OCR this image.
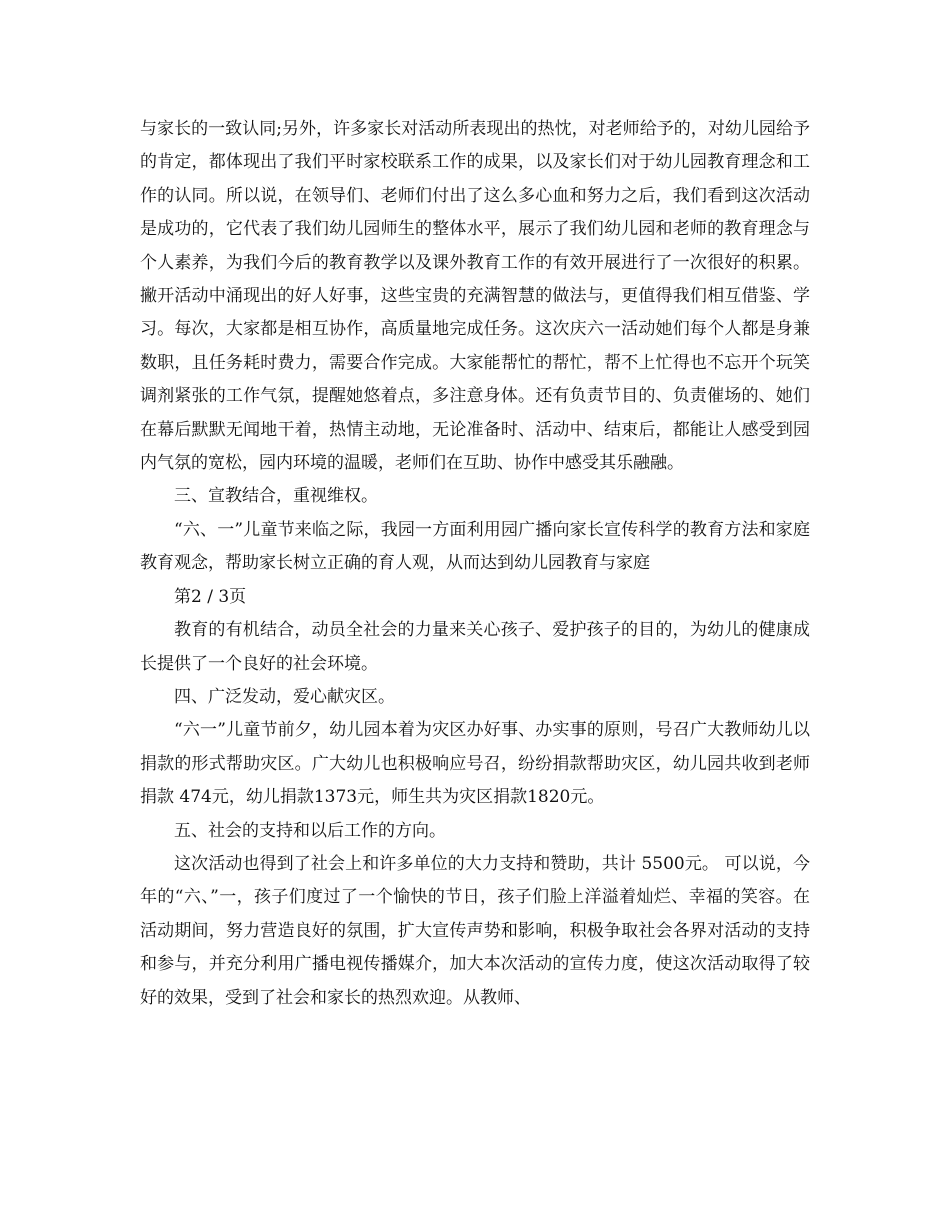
与家长的一致认同;另外，许多家长对活动所表现出的热忱，对老师给予的，对幼儿园给予的肯定，都体现出了我们平时家校联系工作的成果，以及家长们对于幼儿园教育理念和工作的认同。所以说，在领导们、老师们付出了这么多心血和努力之后，我们看到这次活动是成功的，它代表了我们幼儿园师生的整体水平，展示了我们幼儿园和老师的教育理念与个人素养，为我们今后的教育教学以及课外教育工作的有效开展进行了一次很好的积累。撇开活动中涌现出的好人好事，这些宝贵的充满智慧的做法与，更值得我们相互借鉴、学习。每次，大家都是相互协作，高质量地完成任务。这次庆六一活动她们每个人都是身兼数职，且任务耗时费力，需要合作完成。大家能帮忙的帮忙，帮不上忙得也不忘开个玩笑调剂紧张的工作气氛，提醒她悠着点，多注意身体。还有负责节目的、负责催场的、她们在幕后默默无闻地干着，热情主动地，无论准备时、活动中、结束后，都能让人感受到园内气氛的宽松，园内环境的温暖，老师们在互助、协作中感受其乐融融。

三、宣教结合，重视维权。

“六、一”儿童节来临之际，我园一方面利用园广播向家长宣传科学的教育方法和家庭教育观念，帮助家长树立正确的育人观，从而达到幼儿园教育与家庭

第2 / 3页

教育的有机结合，动员全社会的力量来关心孩子、爱护孩子的目的，为幼儿的健康成长提供了一个良好的社会环境。

四、广泛发动，爱心献灾区。

“六一”儿童节前夕，幼儿园本着为灾区办好事、办实事的原则，号召广大教师幼儿以捐款的形式帮助灾区。广大幼儿也积极响应号召，纷纷捐款帮助灾区，幼儿园共收到老师捐款 474元，幼儿捐款1373元，师生共为灾区捐款1820元。

五、社会的支持和以后工作的方向。

这次活动也得到了社会上和许多单位的大力支持和赞助，共计 5500元。 可以说，今年的“六、”一，孩子们度过了一个愉快的节日，孩子们脸上洋溢着灿烂、幸福的笑容。在活动期间，努力营造良好的氛围，扩大宣传声势和影响，积极争取社会各界对活动的支持和参与，并充分利用广播电视传播媒介，加大本次活动的宣传力度，使这次活动取得了较好的效果，受到了社会和家长的热烈欢迎。从教师、
